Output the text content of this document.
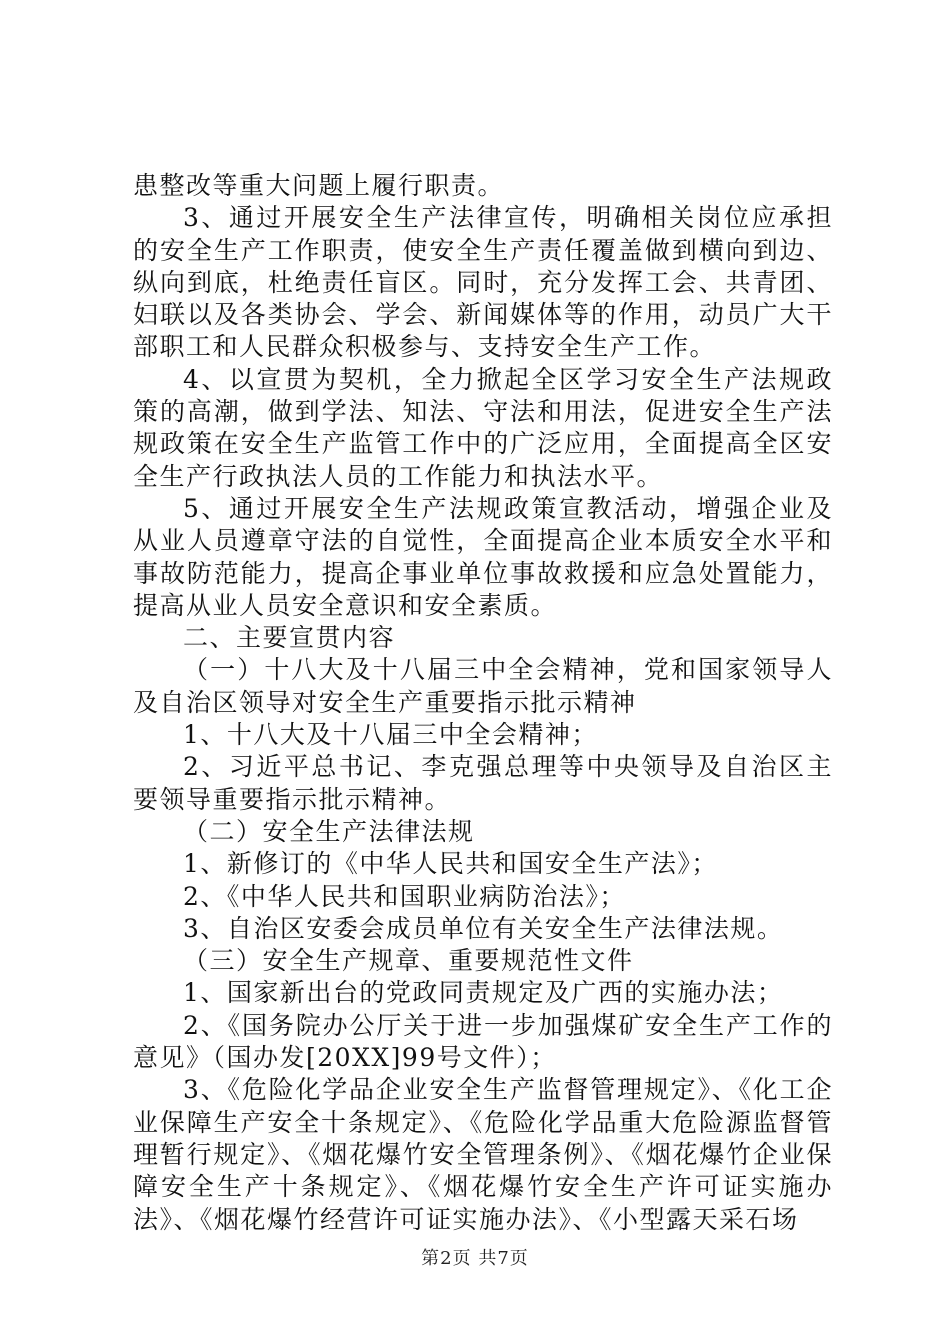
患整改等重大问题上履行职责。

3、通过开展安全生产法律宣传，明确相关岗位应承担的安全生产工作职责，使安全生产责任覆盖做到横向到边、纵向到底，杜绝责任盲区。同时，充分发挥工会、共青团、妇联以及各类协会、学会、新闻媒体等的作用，动员广大干部职工和人民群众积极参与、支持安全生产工作。

4、以宣贯为契机，全力掀起全区学习安全生产法规政策的高潮，做到学法、知法、守法和用法，促进安全生产法规政策在安全生产监管工作中的广泛应用，全面提高全区安全生产行政执法人员的工作能力和执法水平。

5、通过开展安全生产法规政策宣教活动，增强企业及从业人员遵章守法的自觉性，全面提高企业本质安全水平和事故防范能力，提高企事业单位事故救援和应急处置能力，提高从业人员安全意识和安全素质。

二、主要宣贯内容

（一）十八大及十八届三中全会精神，党和国家领导人及自治区领导对安全生产重要指示批示精神

1、十八大及十八届三中全会精神；

2、习近平总书记、李克强总理等中央领导及自治区主要领导重要指示批示精神。

（二）安全生产法律法规

1、新修订的《中华人民共和国安全生产法》；

2、《中华人民共和国职业病防治法》；

3、自治区安委会成员单位有关安全生产法律法规。

（三）安全生产规章、重要规范性文件

1、国家新出台的党政同责规定及广西的实施办法；

2、《国务院办公厅关于进一步加强煤矿安全生产工作的意见》（国办发[20XX]99号文件）；

3、《危险化学品企业安全生产监督管理规定》、《化工企业保障生产安全十条规定》、《危险化学品重大危险源监督管理暂行规定》、《烟花爆竹安全管理条例》、《烟花爆竹企业保障安全生产十条规定》、《烟花爆竹安全生产许可证实施办法》、《烟花爆竹经营许可证实施办法》、《小型露天采石场

第2页 共7页
